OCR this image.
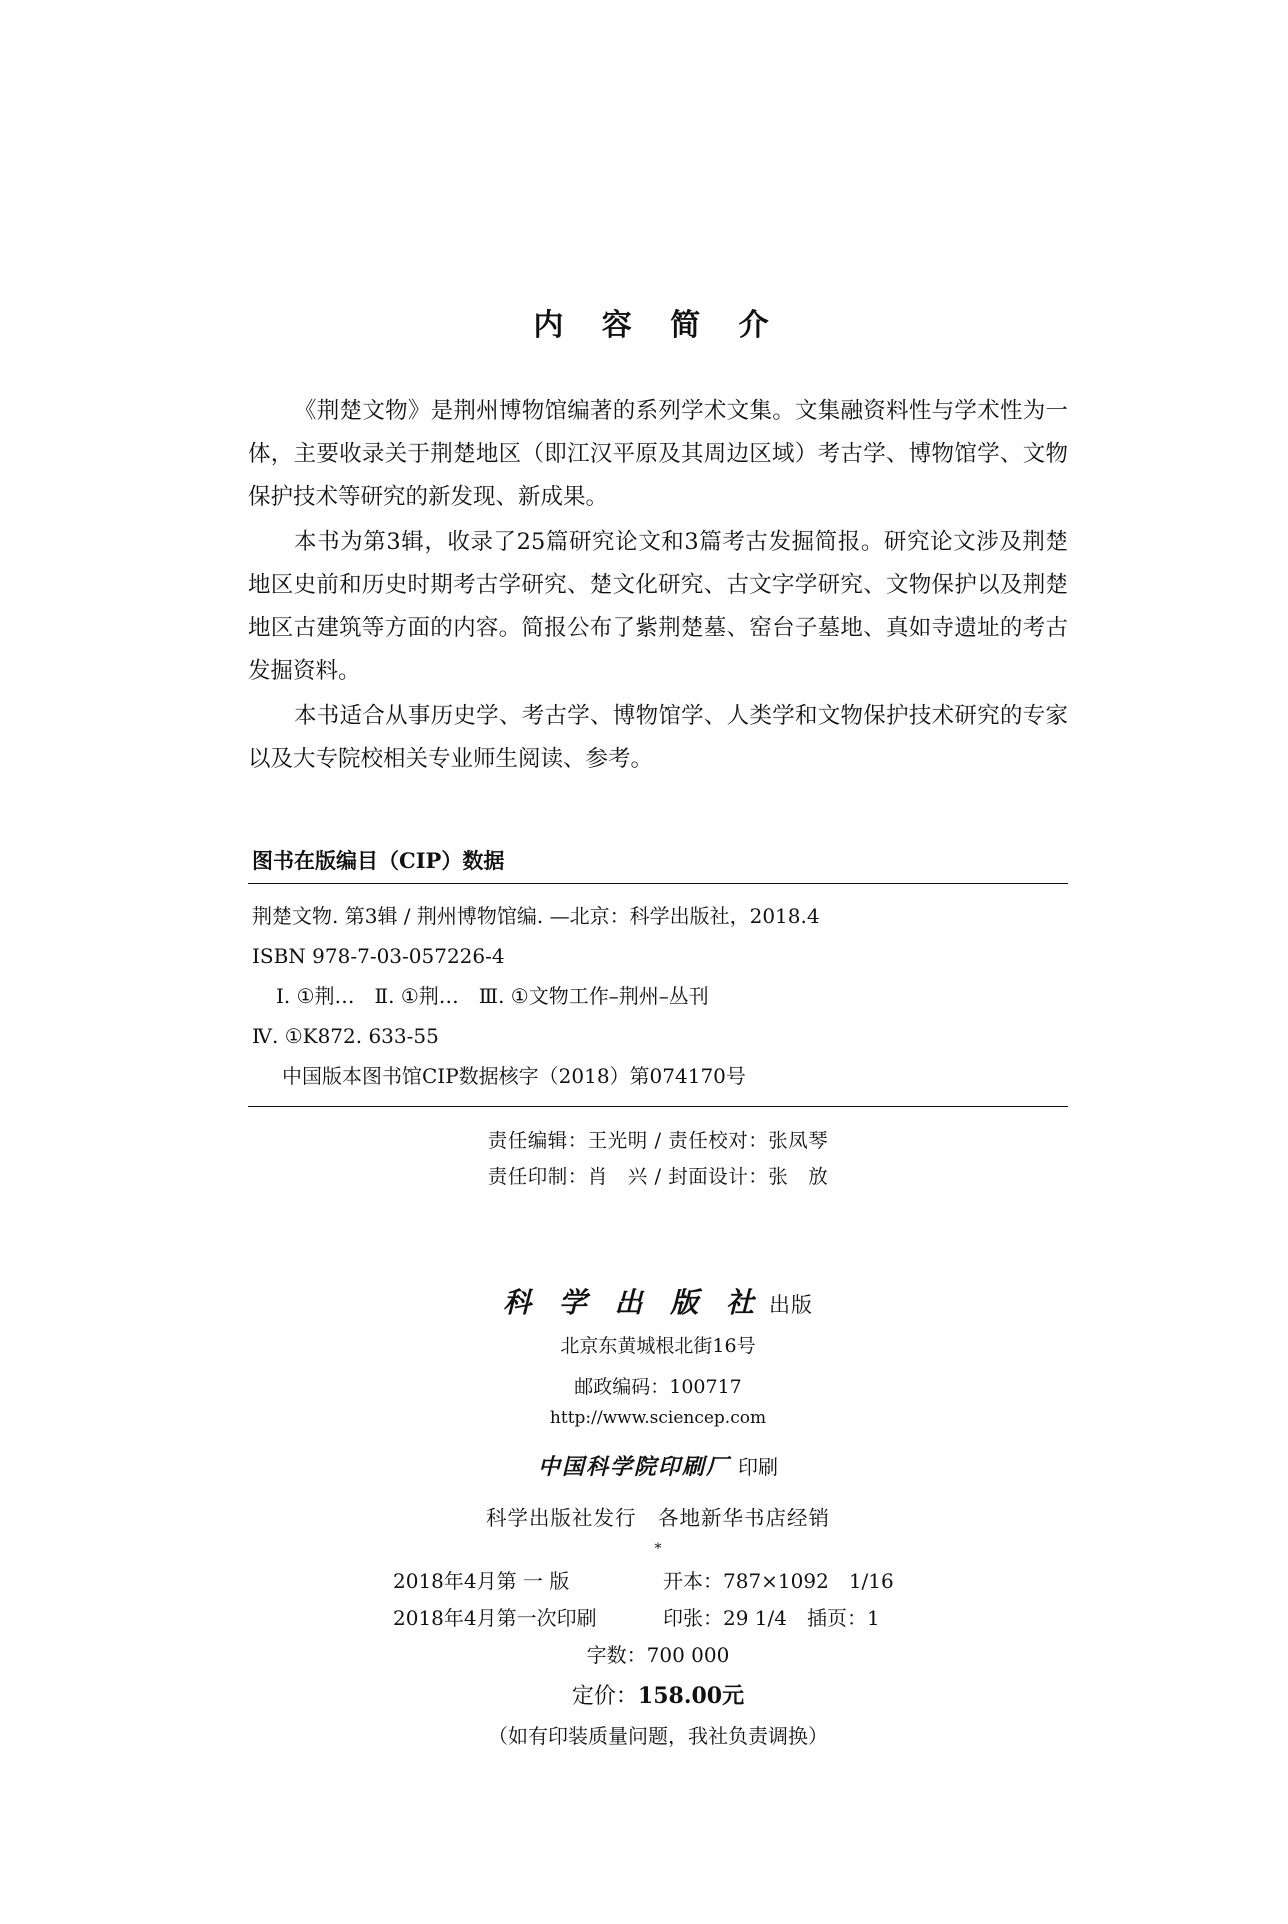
内 容 简 介

《荆楚文物》是荆州博物馆编著的系列学术文集。文集融资料性与学术性为一体，主要收录关于荆楚地区（即江汉平原及其周边区域）考古学、博物馆学、文物保护技术等研究的新发现、新成果。

本书为第3辑，收录了25篇研究论文和3篇考古发掘简报。研究论文涉及荆楚地区史前和历史时期考古学研究、楚文化研究、古文字学研究、文物保护以及荆楚地区古建筑等方面的内容。简报公布了紫荆楚墓、窑台子墓地、真如寺遗址的考古发掘资料。

本书适合从事历史学、考古学、博物馆学、人类学和文物保护技术研究的专家以及大专院校相关专业师生阅读、参考。

图书在版编目（CIP）数据
荆楚文物. 第3辑 / 荆州博物馆编. —北京：科学出版社，2018.4
ISBN 978-7-03-057226-4
Ⅰ. ①荆…　Ⅱ. ①荆…　Ⅲ. ①文物工作–荆州–丛刊
Ⅳ. ①K872. 633-55
中国版本图书馆CIP数据核字（2018）第074170号
责任编辑：王光明 / 责任校对：张凤琴
责任印制：肖　兴 / 封面设计：张　放
科 学 出 版 社 出版
北京东黄城根北街16号
邮政编码：100717
http://www.sciencep.com
中国科学院印刷厂 印刷
科学出版社发行　各地新华书店经销
*
2018年4月第 一 版	开本：787×1092　1/16
2018年4月第一次印刷	印张：29 1/4　插页：1
字数：700 000
定价：158.00元
（如有印装质量问题，我社负责调换）
